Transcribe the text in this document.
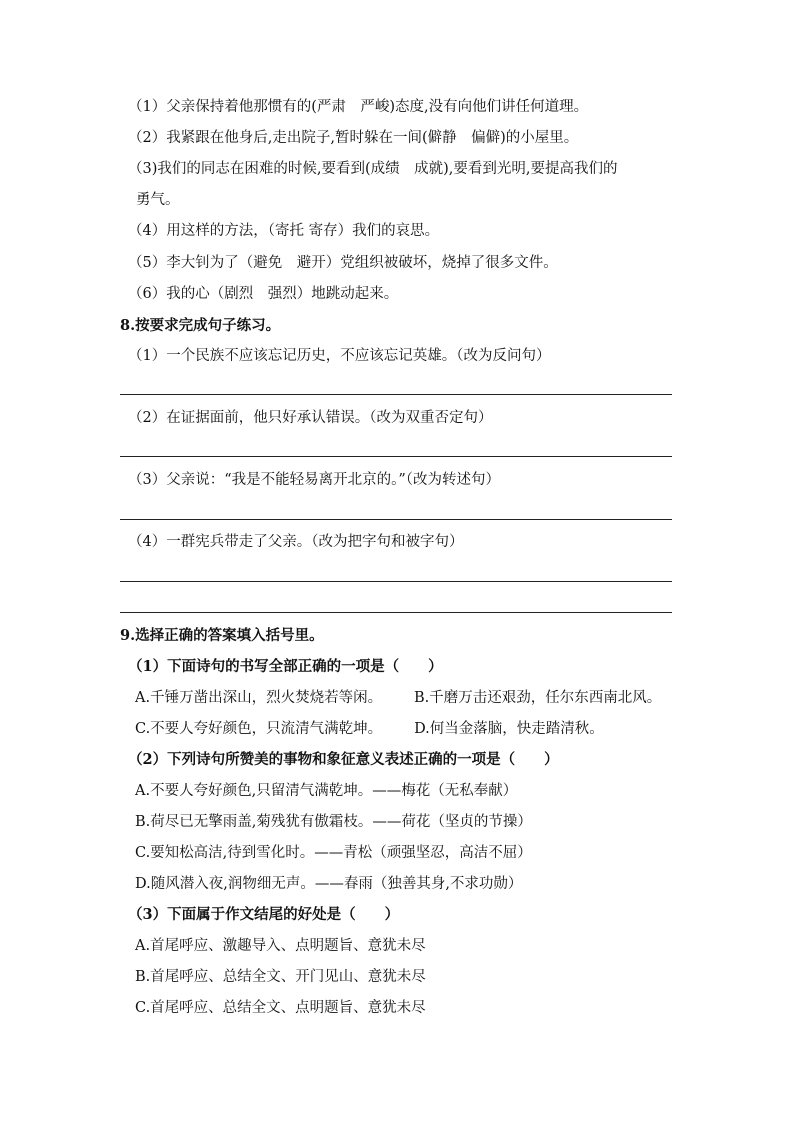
（1）父亲保持着他那惯有的(严肃　严峻)态度,没有向他们讲任何道理。
（2）我紧跟在他身后,走出院子,暂时躲在一间(僻静　偏僻)的小屋里。
（3)我们的同志在困难的时候,要看到(成绩　成就),要看到光明,要提高我们的
勇气。
（4）用这样的方法，（寄托 寄存）我们的哀思。
（5）李大钊为了（避免　避开）党组织被破坏，烧掉了很多文件。
（6）我的心（剧烈　强烈）地跳动起来。
8.按要求完成句子练习。
（1）一个民族不应该忘记历史，不应该忘记英雄。（改为反问句）
（2）在证据面前，他只好承认错误。（改为双重否定句）
（3）父亲说：“我是不能轻易离开北京的。”（改为转述句）
（4）一群宪兵带走了父亲。（改为把字句和被字句）
9.选择正确的答案填入括号里。
（1）下面诗句的书写全部正确的一项是（　　）
A.千锤万凿出深山，烈火焚烧若等闲。 B.千磨万击还艰劲，任尔东西南北风。
C.不要人夸好颜色，只流清气满乾坤。 D.何当金落脑，快走踏清秋。
（2）下列诗句所赞美的事物和象征意义表述正确的一项是（　　）
A.不要人夸好颜色,只留清气满乾坤。——梅花（无私奉献）
B.荷尽已无擎雨盖,菊残犹有傲霜枝。——荷花（坚贞的节操）
C.要知松高洁,待到雪化时。——青松（顽强坚忍，高洁不屈）
D.随风潜入夜,润物细无声。——春雨（独善其身,不求功勋）
（3）下面属于作文结尾的好处是（　　）
A.首尾呼应、激趣导入、点明题旨、意犹未尽
B.首尾呼应、总结全文、开门见山、意犹未尽
C.首尾呼应、总结全文、点明题旨、意犹未尽
